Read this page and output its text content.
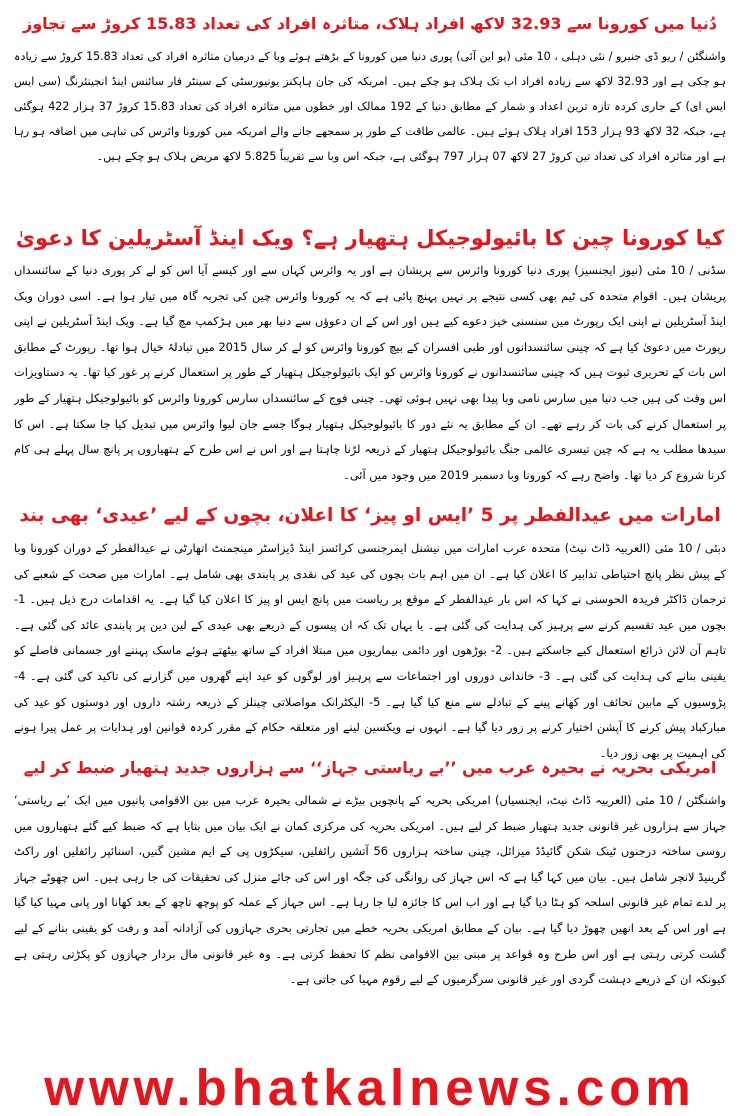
دُنیا میں کورونا سے 32.93 لاکھ افراد ہلاک، متاثرہ افراد کی تعداد 15.83 کروڑ سے تجاوز

واشنگٹن / ریو ڈی جنیرو / نئی دہلی ، 10 مئی (یو این آئی) پوری دنیا میں کورونا کے بڑھتے ہوئے وبا کے درمیان متاثرہ افراد کی تعداد 15.83 کروڑ سے زیادہ ہو چکی ہے اور 32.93 لاکھ سے زیادہ افراد اب تک ہلاک ہو چکے ہیں۔ امریکہ کی جان ہاپکنز یونیورسٹی کے سینٹر فار سائنس اینڈ انجینئرنگ (سی ایس ایس ای) کے جاری کردہ تازہ ترین اعداد و شمار کے مطابق دنیا کے 192 ممالک اور خطوں میں متاثرہ افراد کی تعداد 15.83 کروڑ 37 ہزار 422 ہوگئی ہے، جبکہ 32 لاکھ 93 ہزار 153 افراد ہلاک ہوئے ہیں۔ عالمی طاقت کے طور پر سمجھے جانے والے امریکہ میں کورونا وائرس کی تباہی میں اضافہ ہو رہا ہے اور متاثرہ افراد کی تعداد تین کروڑ 27 لاکھ 07 ہزار 797 ہوگئی ہے، جبکہ اس وبا سے تقریباً 5.825 لاکھ مریض ہلاک ہو چکے ہیں۔

کیا کورونا چین کا بائیولوجیکل ہتھیار ہے؟ ویک اینڈ آسٹریلین کا دعویٰ

سڈنی / 10 مئی (نیوز ایجنسیز) پوری دنیا کورونا وائرس سے پریشان ہے اور یہ وائرس کہاں سے اور کیسے آیا اس کو لے کر پوری دنیا کے سائنسداں پریشان ہیں۔ اقوام متحدہ کی ٹیم بھی کسی نتیجے پر نہیں پہنچ پائی ہے کہ یہ کورونا وائرس چین کی تجربہ گاہ میں تیار ہوا ہے۔ اسی دوران ویک اینڈ آسٹریلین نے اپنی ایک رپورٹ میں سنسنی خیز دعوے کیے ہیں اور اس کے ان دعوؤں سے دنیا بھر میں ہڑکمپ مچ گیا ہے۔ ویک اینڈ آسٹریلین نے اپنی رپورٹ میں دعویٰ کیا ہے کہ چینی سائنسدانوں اور طبی افسران کے بیچ کورونا وائرس کو لے کر سال 2015 میں تبادلۂ خیال ہوا تھا۔ رپورٹ کے مطابق اس بات کے تحریری ثبوت ہیں کہ چینی سائنسدانوں نے کورونا وائرس کو ایک بائیولوجیکل ہتھیار کے طور پر استعمال کرنے پر غور کیا تھا۔ یہ دستاویزات اس وقت کی ہیں جب دنیا میں سارس نامی وبا پیدا بھی نہیں ہوئی تھی۔ چینی فوج کے سائنسداں سارس کورونا وائرس کو بائیولوجیکل ہتھیار کے طور پر استعمال کرنے کی بات کر رہے تھے۔ ان کے مطابق یہ نئے دور کا بائیولوجیکل ہتھیار ہوگا جسے جان لیوا وائرس میں تبدیل کیا جا سکتا ہے۔ اس کا سیدھا مطلب یہ ہے کہ چین تیسری عالمی جنگ بائیولوجیکل ہتھیار کے ذریعہ لڑنا چاہتا ہے اور اس نے اس طرح کے ہتھیاروں پر پانچ سال پہلے ہی کام کرنا شروع کر دیا تھا۔ واضح رہے کہ کورونا وبا دسمبر 2019 میں وجود میں آئی۔

امارات میں عیدالفطر پر 5 ’ایس او پیز‘ کا اعلان، بچوں کے لیے ’عیدی‘ بھی بند

دبئی / 10 مئی (العربیہ ڈاٹ نیٹ) متحدہ عرب امارات میں نیشنل ایمرجنسی کرائسز اینڈ ڈیزاسٹر مینجمنٹ اتھارٹی نے عیدالفطر کے دوران کورونا وبا کے پیش نظر پانچ احتیاطی تدابیر کا اعلان کیا ہے۔ ان میں اہم بات بچوں کی عید کی نقدی پر پابندی بھی شامل ہے۔ امارات میں صحت کے شعبے کی ترجمان ڈاکٹر فریدہ الحوسنی نے کہا کہ اس بار عیدالفطر کے موقع پر ریاست میں پانچ ایس او پیز کا اعلان کیا گیا ہے۔ یہ اقدامات درج ذیل ہیں۔ 1- بچوں میں عید تقسیم کرنے سے پرہیز کی ہدایت کی گئی ہے۔ یا یہاں تک کہ ان پیسوں کے ذریعے بھی عیدی کے لین دین پر پابندی عائد کی گئی ہے۔ تاہم آن لائن ذرائع استعمال کیے جاسکتے ہیں۔ 2- بوڑھوں اور دائمی بیماریوں میں مبتلا افراد کے ساتھ بیٹھتے ہوئے ماسک پہننے اور جسمانی فاصلے کو یقینی بنانے کی ہدایت کی گئی ہے۔ 3- خاندانی دوروں اور اجتماعات سے پرہیز اور لوگوں کو عید اپنے گھروں میں گزارنے کی تاکید کی گئی ہے۔ 4- پڑوسیوں کے مابین تحائف اور کھانے پینے کے تبادلے سے منع کیا گیا ہے۔ 5- الیکٹرانک مواصلاتی چینلز کے ذریعہ رشتہ داروں اور دوستوں کو عید کی مبارکباد پیش کرنے کا آپشن اختیار کرنے پر زور دیا گیا ہے۔ انہوں نے ویکسین لینے اور متعلقہ حکام کے مقرر کردہ قوانین اور ہدایات پر عمل پیرا ہونے کی اہمیت پر بھی زور دیا۔

امریکی بحریہ نے بحیرہ عرب میں ’’بے ریاستی جہاز‘‘ سے ہزاروں جدید ہتھیار ضبط کر لیے

واشنگٹن / 10 مئی (العربیہ ڈاٹ نیٹ، ایجنسیاں) امریکی بحریہ کے پانچویں بیڑے نے شمالی بحیرہ عرب میں بین الاقوامی پانیوں میں ایک ’بے ریاستی‘ جہاز سے ہزاروں غیر قانونی جدید ہتھیار ضبط کر لیے ہیں۔ امریکی بحریہ کی مرکزی کمان نے ایک بیان میں بتایا ہے کہ ضبط کیے گئے ہتھیاروں میں روسی ساختہ درجنوں ٹینک شکن گائیڈڈ میزائل، چینی ساختہ ہزاروں 56 آتشیں رائفلیں، سیکڑوں پی کے ایم مشین گنیں، اسنائپر رائفلیں اور راکٹ گرینیڈ لانچر شامل ہیں۔ بیان میں کہا گیا ہے کہ اس جہاز کی روانگی کی جگہ اور اس کی جائے منزل کی تحقیقات کی جا رہی ہیں۔ اس چھوٹے جہاز پر لدے تمام غیر قانونی اسلحہ کو ہٹا دیا گیا ہے اور اب اس کا جائزہ لیا جا رہا ہے۔ اس جہاز کے عملہ کو پوچھ تاچھ کے بعد کھانا اور پانی مہیا کیا گیا ہے اور اس کے بعد انھیں چھوڑ دیا گیا ہے۔ بیان کے مطابق امریکی بحریہ خطے میں تجارتی بحری جہازوں کی آزادانہ آمد و رفت کو یقینی بنانے کے لیے گشت کرتی رہتی ہے اور اس طرح وہ قواعد پر مبنی بین الاقوامی نظم کا تحفظ کرتی ہے۔ وہ غیر قانونی مال بردار جہازوں کو پکڑتی رہتی ہے کیونکہ ان کے ذریعے دہشت گردی اور غیر قانونی سرگرمیوں کے لیے رقوم مہیا کی جاتی ہے۔

www.bhatkalnews.com
